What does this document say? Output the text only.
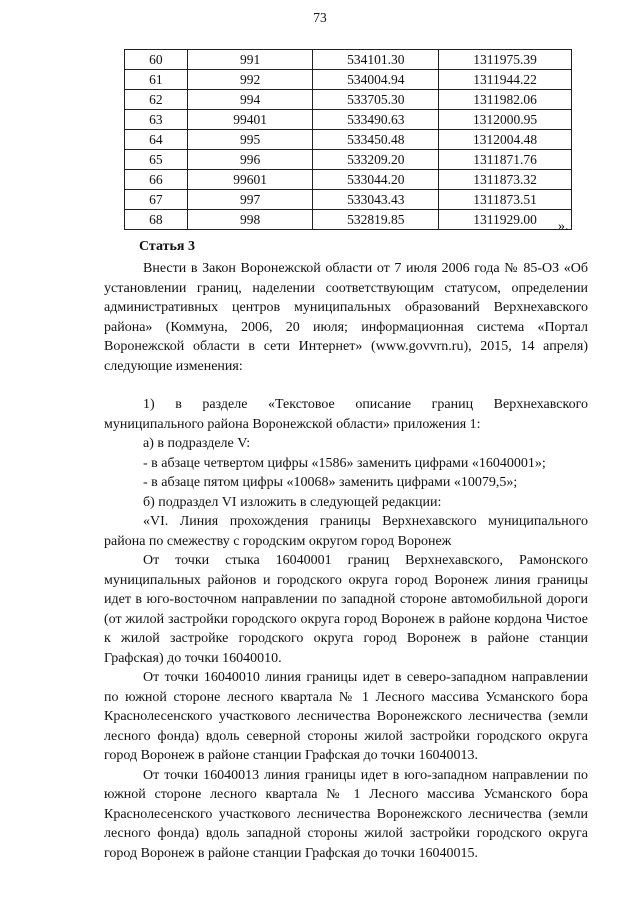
73
60	991	534101.30	1311975.39
61	992	534004.94	1311944.22
62	994	533705.30	1311982.06
63	99401	533490.63	1312000.95
64	995	533450.48	1312004.48
65	996	533209.20	1311871.76
66	99601	533044.20	1311873.32
67	997	533043.43	1311873.51
68	998	532819.85	1311929.00 ».
Статья 3

Внести в Закон Воронежской области от 7 июля 2006 года № 85-ОЗ «Об установлении границ, наделении соответствующим статусом, определении административных центров муниципальных образований Верхнехавского района» (Коммуна, 2006, 20 июля; информационная система «Портал Воронежской области в сети Интернет» (www.govvrn.ru), 2015, 14 апреля) следующие изменения:

1) в разделе «Текстовое описание границ Верхнехавского муниципального района Воронежской области» приложения 1:

а) в подразделе V:

- в абзаце четвертом цифры «1586» заменить цифрами «16040001»;

- в абзаце пятом цифры «10068» заменить цифрами «10079,5»;

б) подраздел VI изложить в следующей редакции:

«VI. Линия прохождения границы Верхнехавского муниципального района по смежеству с городским округом город Воронеж

От точки стыка 16040001 границ Верхнехавского, Рамонского муниципальных районов и городского округа город Воронеж линия границы идет в юго-восточном направлении по западной стороне автомобильной дороги (от жилой застройки городского округа город Воронеж в районе кордона Чистое к жилой застройке городского округа город Воронеж в районе станции Графская) до точки 16040010.

От точки 16040010 линия границы идет в северо-западном направлении по южной стороне лесного квартала № 1 Лесного массива Усманского бора Краснолесенского участкового лесничества Воронежского лесничества (земли лесного фонда) вдоль северной стороны жилой застройки городского округа город Воронеж в районе станции Графская до точки 16040013.

От точки 16040013 линия границы идет в юго-западном направлении по южной стороне лесного квартала № 1 Лесного массива Усманского бора Краснолесенского участкового лесничества Воронежского лесничества (земли лесного фонда) вдоль западной стороны жилой застройки городского округа город Воронеж в районе станции Графская до точки 16040015.
